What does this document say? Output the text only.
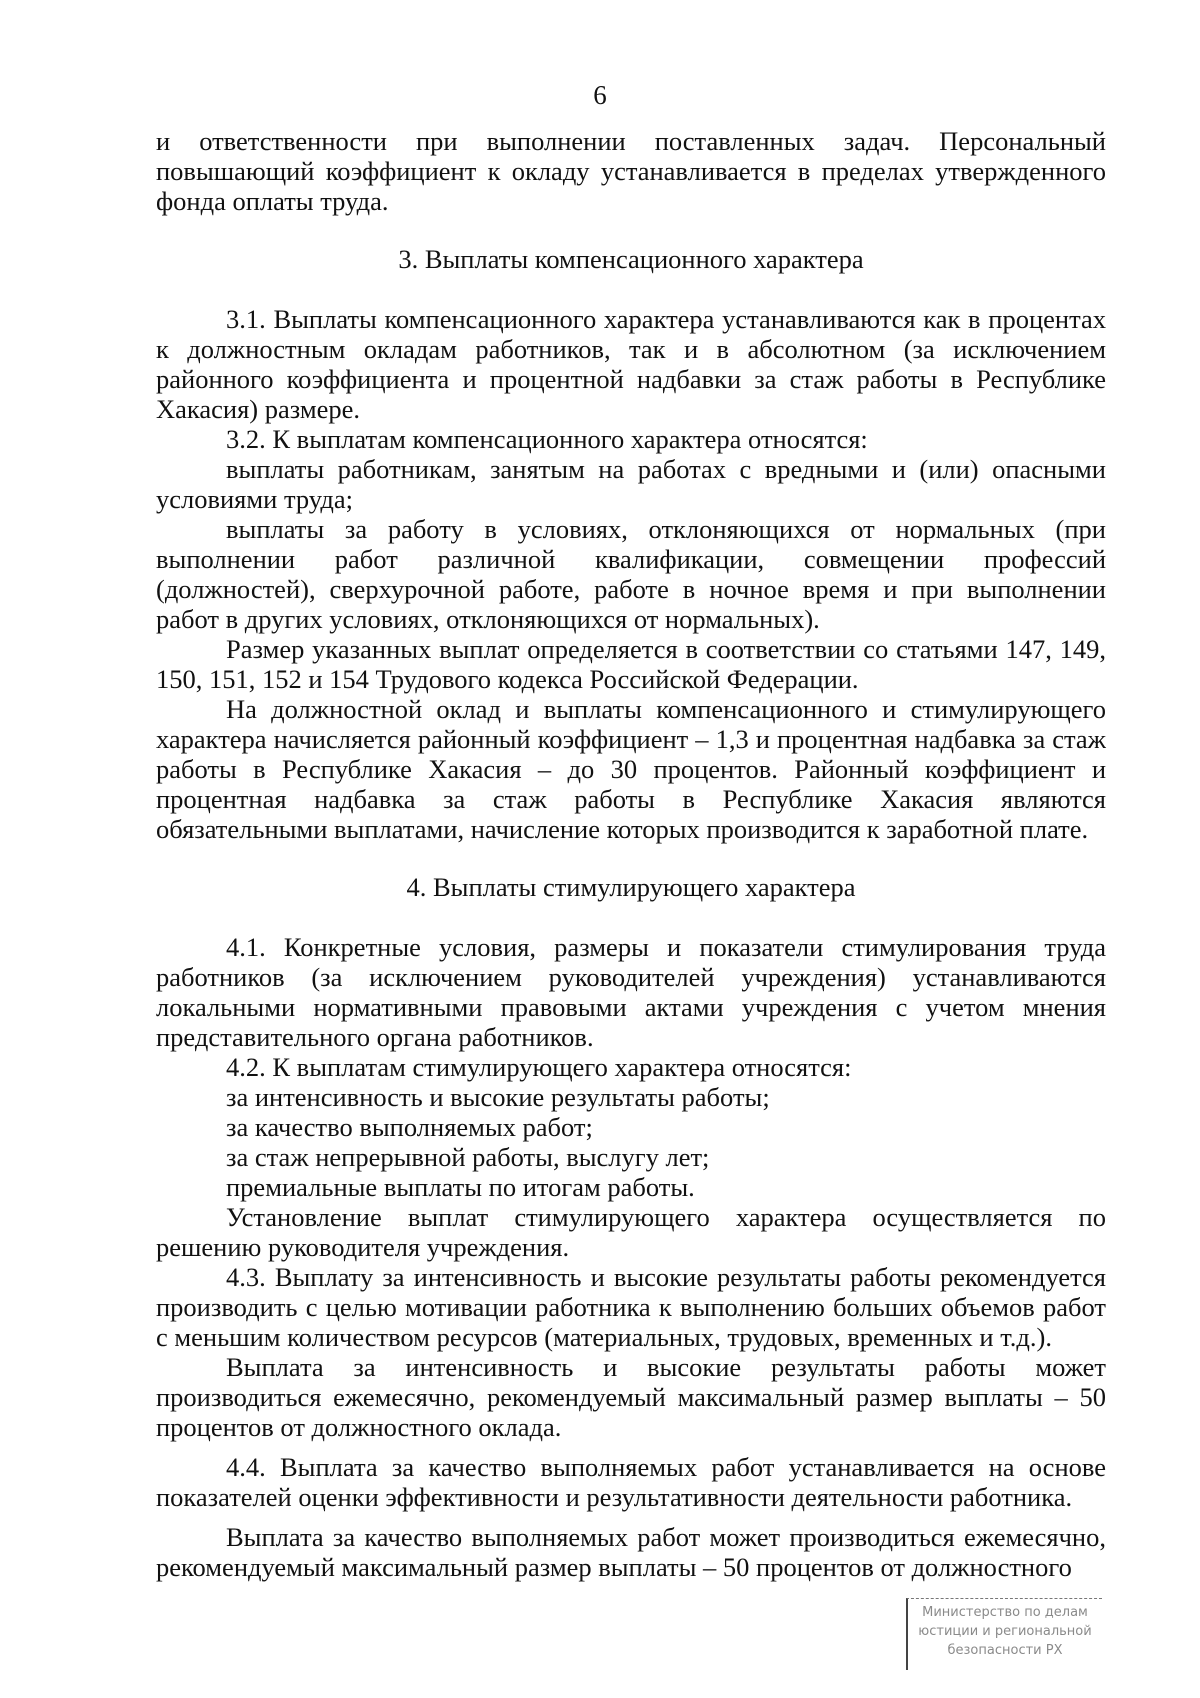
6

и ответственности при выполнении поставленных задач. Персональный повышающий коэффициент к окладу устанавливается в пределах утвержденного фонда оплаты труда.

3. Выплаты компенсационного характера

3.1. Выплаты компенсационного характера устанавливаются как в процентах к должностным окладам работников, так и в абсолютном (за исключением районного коэффициента и процентной надбавки за стаж работы в Республике Хакасия) размере.

3.2. К выплатам компенсационного характера относятся:

выплаты работникам, занятым на работах с вредными и (или) опасными условиями труда;

выплаты за работу в условиях, отклоняющихся от нормальных (при выполнении работ различной квалификации, совмещении профессий (должностей), сверхурочной работе, работе в ночное время и при выполнении работ в других условиях, отклоняющихся от нормальных).

Размер указанных выплат определяется в соответствии со статьями 147, 149, 150, 151, 152 и 154 Трудового кодекса Российской Федерации.

На должностной оклад и выплаты компенсационного и стимулирующего характера начисляется районный коэффициент – 1,3 и процентная надбавка за стаж работы в Республике Хакасия – до 30 процентов. Районный коэффициент и процентная надбавка за стаж работы в Республике Хакасия являются обязательными выплатами, начисление которых производится к заработной плате.

4. Выплаты стимулирующего характера

4.1. Конкретные условия, размеры и показатели стимулирования труда работников (за исключением руководителей учреждения) устанавливаются локальными нормативными правовыми актами учреждения с учетом мнения представительного органа работников.

4.2. К выплатам стимулирующего характера относятся:

за интенсивность и высокие результаты работы;

за качество выполняемых работ;

за стаж непрерывной работы, выслугу лет;

премиальные выплаты по итогам работы.

Установление выплат стимулирующего характера осуществляется по решению руководителя учреждения.

4.3. Выплату за интенсивность и высокие результаты работы рекомендуется производить с целью мотивации работника к выполнению больших объемов работ с меньшим количеством ресурсов (материальных, трудовых, временных и т.д.).

Выплата за интенсивность и высокие результаты работы может производиться ежемесячно, рекомендуемый максимальный размер выплаты – 50 процентов от должностного оклада.

4.4. Выплата за качество выполняемых работ устанавливается на основе показателей оценки эффективности и результативности деятельности работника.

Выплата за качество выполняемых работ может производиться ежемесячно, рекомендуемый максимальный размер выплаты – 50 процентов от должностного

Министерство по делам
юстиции и региональной
безопасности РХ
